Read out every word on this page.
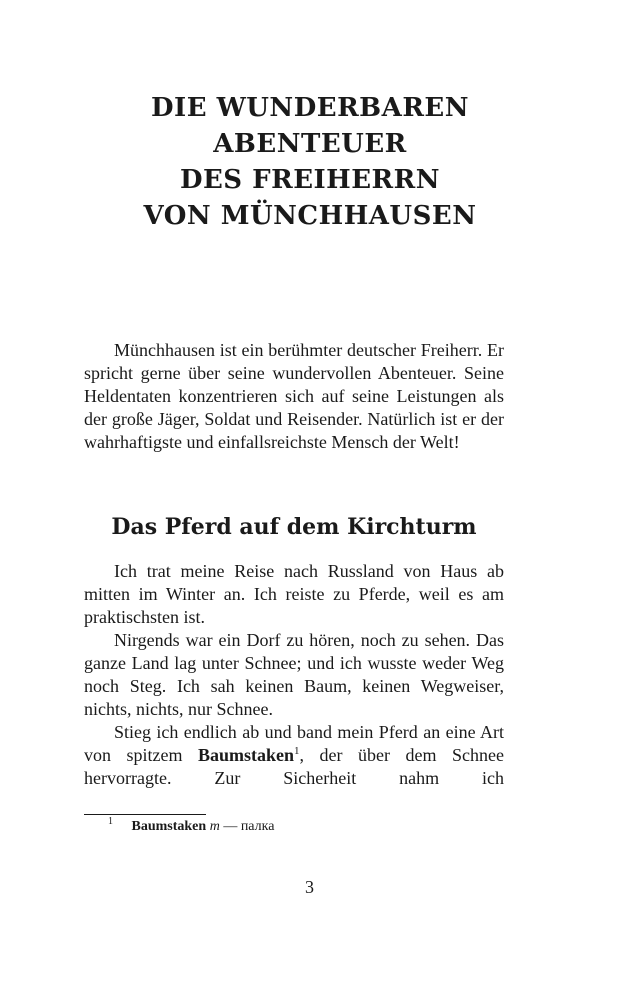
DIE WUNDERBAREN
ABENTEUER
DES FREIHERRN
VON MÜNCHHAUSEN

Münchhausen ist ein berühmter deutscher Freiherr. Er spricht gerne über seine wundervollen Abenteuer. Seine Heldentaten konzentrieren sich auf seine Leistungen als der große Jäger, Soldat und Reisender. Natürlich ist er der wahrhaftigste und einfallsreichste Mensch der Welt!

Das Pferd auf dem Kirchturm

Ich trat meine Reise nach Russland von Haus ab mitten im Winter an. Ich reiste zu Pferde, weil es am praktischsten ist.

Nirgends war ein Dorf zu hören, noch zu sehen. Das ganze Land lag unter Schnee; und ich wusste weder Weg noch Steg. Ich sah keinen Baum, keinen Wegweiser, nichts, nichts, nur Schnee.

Stieg ich endlich ab und band mein Pferd an eine Art von spitzem Baumstaken$^1$, der über dem Schnee hervorragte. Zur Sicherheit nahm ich

1 Baumstaken m — палка
3
